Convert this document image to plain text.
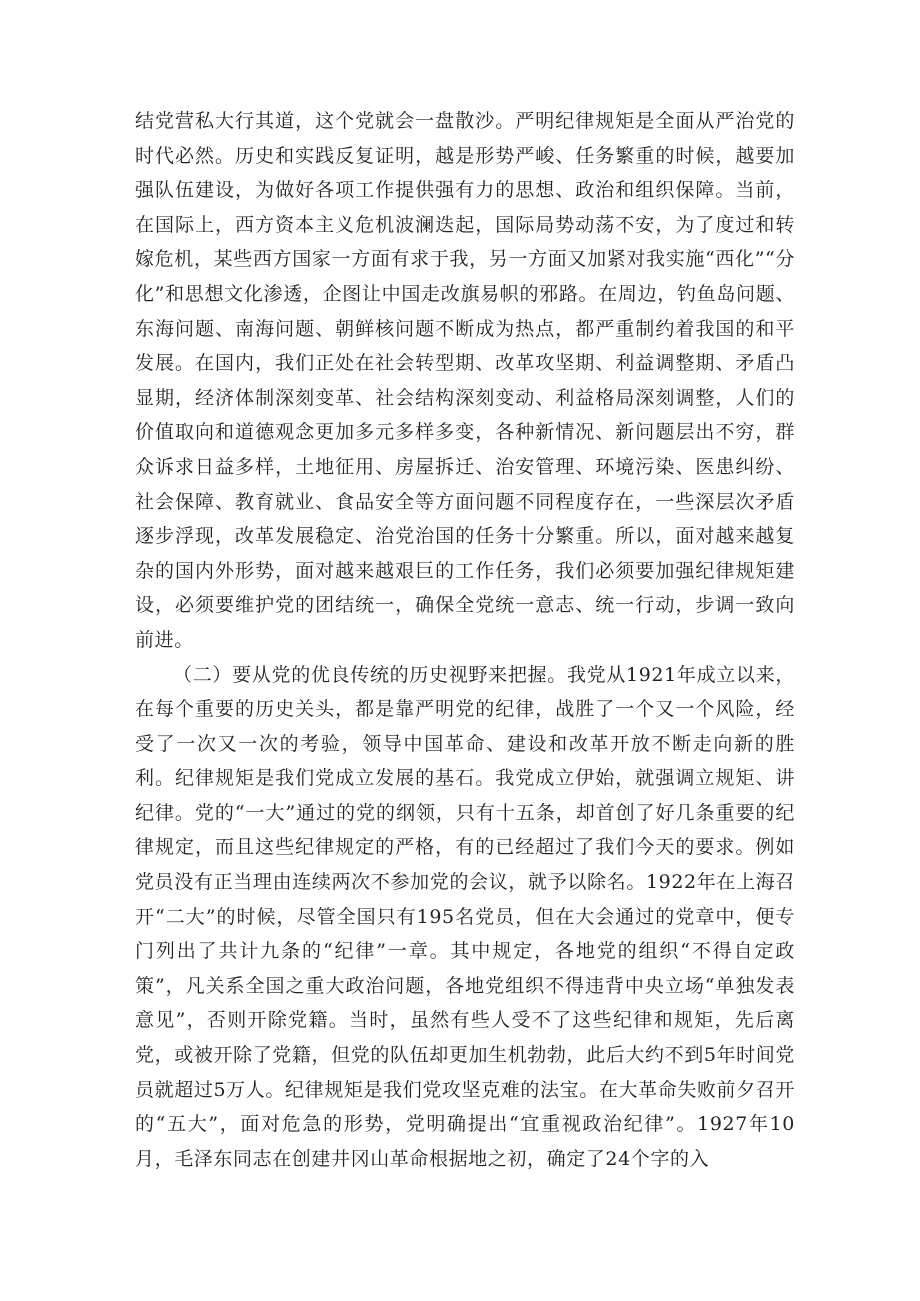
结党营私大行其道，这个党就会一盘散沙。严明纪律规矩是全面从严治党的时代必然。历史和实践反复证明，越是形势严峻、任务繁重的时候，越要加强队伍建设，为做好各项工作提供强有力的思想、政治和组织保障。当前，在国际上，西方资本主义危机波澜迭起，国际局势动荡不安，为了度过和转嫁危机，某些西方国家一方面有求于我，另一方面又加紧对我实施“西化”“分化”和思想文化渗透，企图让中国走改旗易帜的邪路。在周边，钓鱼岛问题、东海问题、南海问题、朝鲜核问题不断成为热点，都严重制约着我国的和平发展。在国内，我们正处在社会转型期、改革攻坚期、利益调整期、矛盾凸显期，经济体制深刻变革、社会结构深刻变动、利益格局深刻调整，人们的价值取向和道德观念更加多元多样多变，各种新情况、新问题层出不穷，群众诉求日益多样，土地征用、房屋拆迁、治安管理、环境污染、医患纠纷、社会保障、教育就业、食品安全等方面问题不同程度存在，一些深层次矛盾逐步浮现，改革发展稳定、治党治国的任务十分繁重。所以，面对越来越复杂的国内外形势，面对越来越艰巨的工作任务，我们必须要加强纪律规矩建设，必须要维护党的团结统一，确保全党统一意志、统一行动，步调一致向前进。

（二）要从党的优良传统的历史视野来把握。我党从1921年成立以来，在每个重要的历史关头，都是靠严明党的纪律，战胜了一个又一个风险，经受了一次又一次的考验，领导中国革命、建设和改革开放不断走向新的胜利。纪律规矩是我们党成立发展的基石。我党成立伊始，就强调立规矩、讲纪律。党的“一大”通过的党的纲领，只有十五条，却首创了好几条重要的纪律规定，而且这些纪律规定的严格，有的已经超过了我们今天的要求。例如党员没有正当理由连续两次不参加党的会议，就予以除名。1922年在上海召开“二大”的时候，尽管全国只有195名党员，但在大会通过的党章中，便专门列出了共计九条的“纪律”一章。其中规定，各地党的组织“不得自定政策”，凡关系全国之重大政治问题，各地党组织不得违背中央立场“单独发表意见”，否则开除党籍。当时，虽然有些人受不了这些纪律和规矩，先后离党，或被开除了党籍，但党的队伍却更加生机勃勃，此后大约不到5年时间党员就超过5万人。纪律规矩是我们党攻坚克难的法宝。在大革命失败前夕召开的“五大”，面对危急的形势，党明确提出“宜重视政治纪律”。1927年10月，毛泽东同志在创建井冈山革命根据地之初，确定了24个字的入
